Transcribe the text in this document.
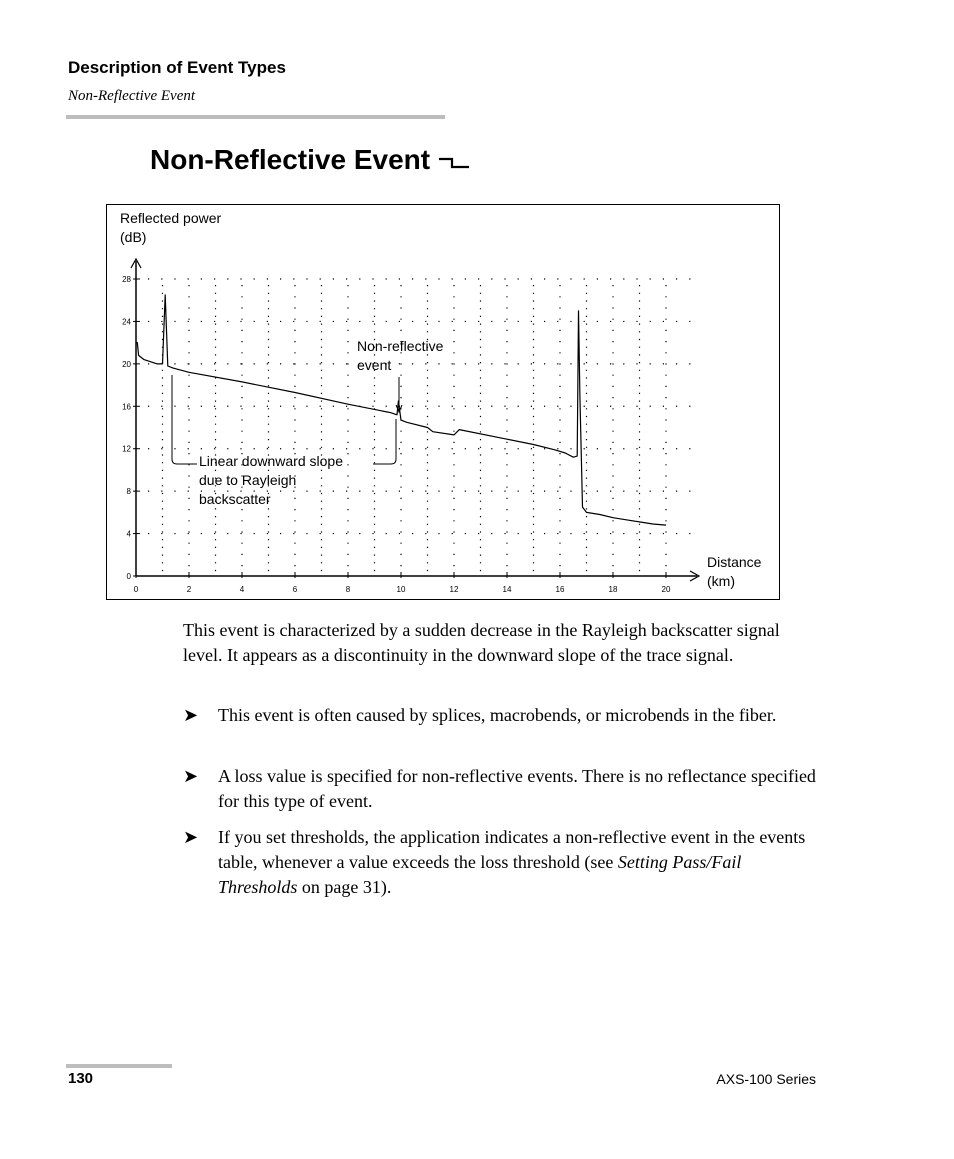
Description of Event Types
Non-Reflective Event
Non-Reflective Event
Reflected power
(dB)
Distance
(km)
Non-reflective
event
Linear downward slope
due to Rayleigh
backscatter
0	2	4	6	8	10	12	14	16	18	20
0
4
8
12
16
20
24
28
This event is characterized by a sudden decrease in the Rayleigh backscatter signal level. It appears as a discontinuity in the downward slope of the trace signal.
➤ This event is often caused by splices, macrobends, or microbends in the fiber.
➤ A loss value is specified for non-reflective events. There is no reflectance specified for this type of event.
➤ If you set thresholds, the application indicates a non-reflective event in the events table, whenever a value exceeds the loss threshold (see Setting Pass/Fail Thresholds on page 31).
130	AXS-100 Series
